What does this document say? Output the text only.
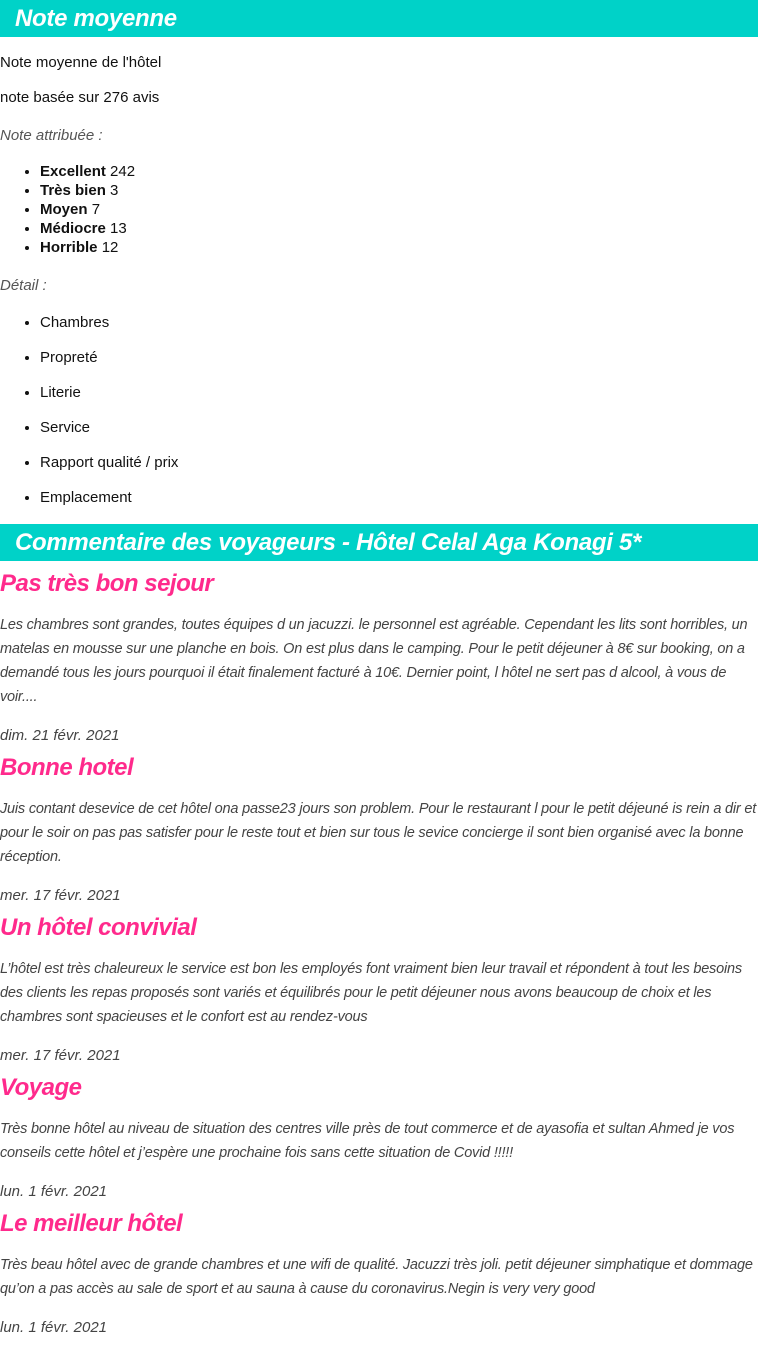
Note moyenne

Note moyenne de l'hôtel

note basée sur 276 avis

Note attribuée :

• Excellent 242
• Très bien 3
• Moyen 7
• Médiocre 13
• Horrible 12

Détail :

• Chambres
• Propreté
• Literie
• Service
• Rapport qualité / prix
• Emplacement
Commentaire des voyageurs - Hôtel Celal Aga Konagi 5*
Pas très bon sejour

Les chambres sont grandes, toutes équipes d un jacuzzi. le personnel est agréable. Cependant les lits sont horribles, un matelas en mousse sur une planche en bois. On est plus dans le camping. Pour le petit déjeuner à 8€ sur booking, on a demandé tous les jours pourquoi il était finalement facturé à 10€. Dernier point, l hôtel ne sert pas d alcool, à vous de voir....

dim. 21 févr. 2021

Bonne hotel

Juis contant desevice de cet hôtel ona passe23 jours son problem. Pour le restaurant l pour le petit déjeuné is rein a dir et pour le soir on pas pas satisfer pour le reste tout et bien sur tous le sevice concierge il sont bien organisé avec la bonne réception.

mer. 17 févr. 2021

Un hôtel convivial

L’hôtel est très chaleureux le service est bon les employés font vraiment bien leur travail et répondent à tout les besoins des clients les repas proposés sont variés et équilibrés pour le petit déjeuner nous avons beaucoup de choix et les chambres sont spacieuses et le confort est au rendez-vous

mer. 17 févr. 2021

Voyage

Très bonne hôtel au niveau de situation des centres ville près de tout commerce et de ayasofia et sultan Ahmed je vos conseils cette hôtel et j’espère une prochaine fois sans cette situation de Covid !!!!!

lun. 1 févr. 2021

Le meilleur hôtel

Très beau hôtel avec de grande chambres et une wifi de qualité. Jacuzzi très joli. petit déjeuner simphatique et dommage qu’on a pas accès au sale de sport et au sauna à cause du coronavirus.Negin is very very good

lun. 1 févr. 2021
